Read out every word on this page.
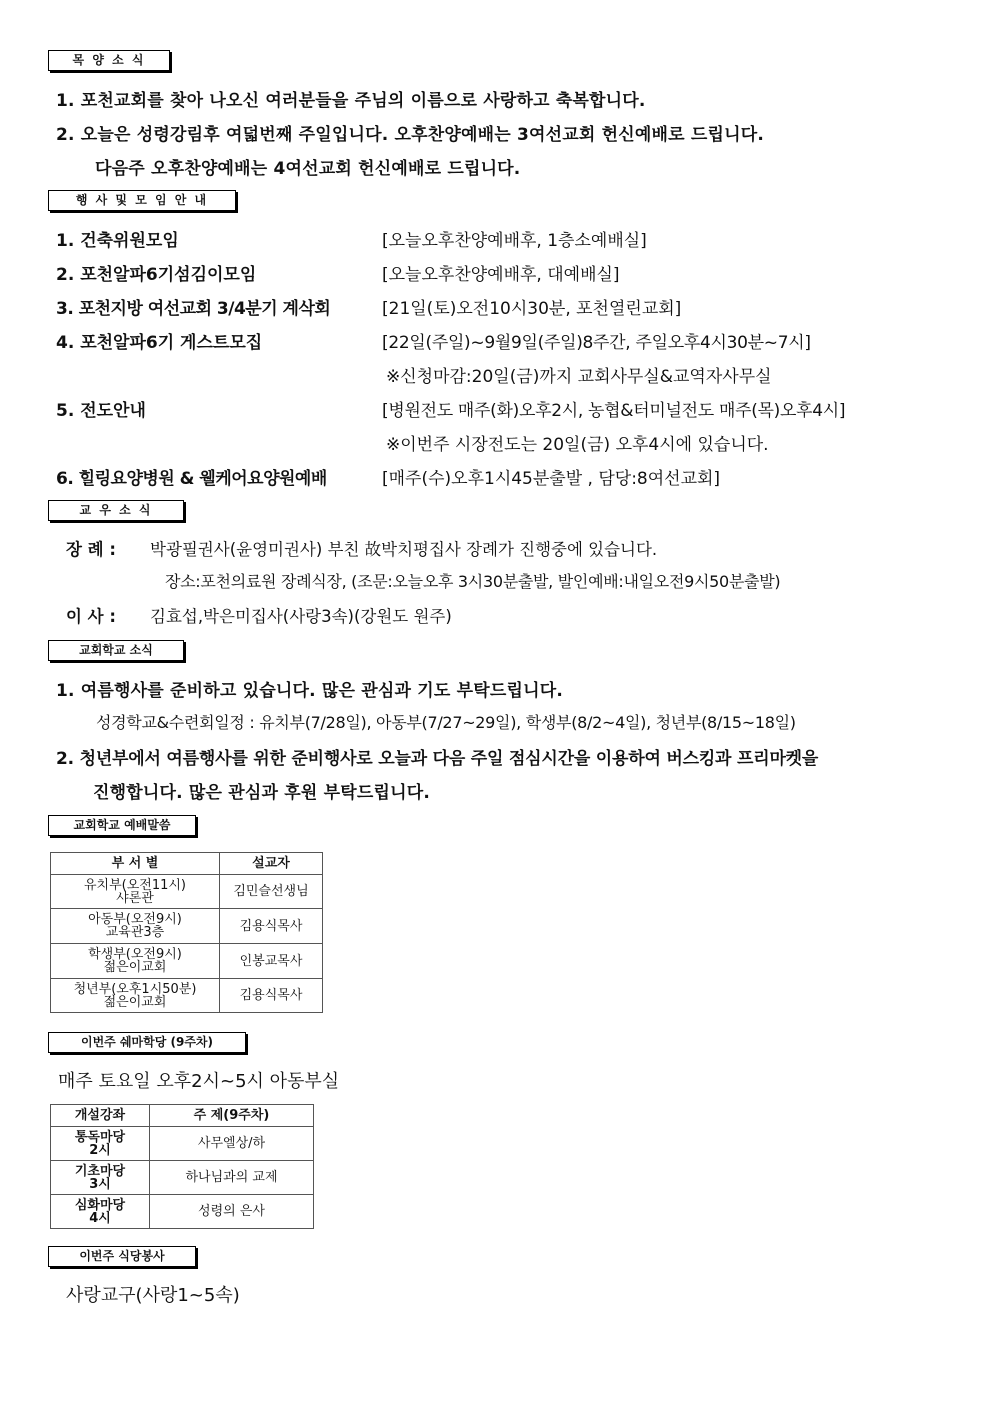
목 양 소 식
1. 포천교회를 찾아 나오신 여러분들을 주님의 이름으로 사랑하고 축복합니다.
2. 오늘은 성령강림후 여덟번째 주일입니다. 오후찬양예배는 3여선교회 헌신예배로 드립니다.
다음주 오후찬양예배는 4여선교회 헌신예배로 드립니다.
행 사 및 모 임 안 내
1. 건축위원모임	[오늘오후찬양예배후, 1층소예배실]
2. 포천알파6기섬김이모임	[오늘오후찬양예배후, 대예배실]
3. 포천지방 여선교회 3/4분기 계삭회	[21일(토)오전10시30분, 포천열린교회]
4. 포천알파6기 게스트모집	[22일(주일)~9월9일(주일)8주간, 주일오후4시30분~7시]
※신청마감:20일(금)까지 교회사무실&교역자사무실
5. 전도안내	[병원전도 매주(화)오후2시, 농협&터미널전도 매주(목)오후4시]
※이번주 시장전도는 20일(금) 오후4시에 있습니다.
6. 힐링요양병원 & 웰케어요양원예배	[매주(수)오후1시45분출발 , 담당:8여선교회]
교 우 소 식
장 례 : 박광필권사(윤영미권사) 부친 故박치평집사 장례가 진행중에 있습니다.
장소:포천의료원 장례식장, (조문:오늘오후 3시30분출발, 발인예배:내일오전9시50분출발)
이 사 : 김효섭,박은미집사(사랑3속)(강원도 원주)
교회학교 소식
1. 여름행사를 준비하고 있습니다. 많은 관심과 기도 부탁드립니다.
성경학교&수련회일정 : 유치부(7/28일), 아동부(7/27~29일), 학생부(8/2~4일), 청년부(8/15~18일)
2. 청년부에서 여름행사를 위한 준비행사로 오늘과 다음 주일 점심시간을 이용하여 버스킹과 프리마켓을
진행합니다. 많은 관심과 후원 부탁드립니다.
교회학교 예배말씀
부 서 별	설교자
유치부(오전11시)
샤론관	김민슬선생님
아동부(오전9시)
교육관3층	김용식목사
학생부(오전9시)
젊은이교회	인봉교목사
청년부(오후1시50분)
젊은이교회	김용식목사
이번주 쉐마학당 (9주차)
매주 토요일 오후2시~5시 아동부실
개설강좌	주 제(9주차)
통독마당
2시	사무엘상/하
기초마당
3시	하나님과의 교제
심화마당
4시	성령의 은사
이번주 식당봉사
사랑교구(사랑1~5속)
